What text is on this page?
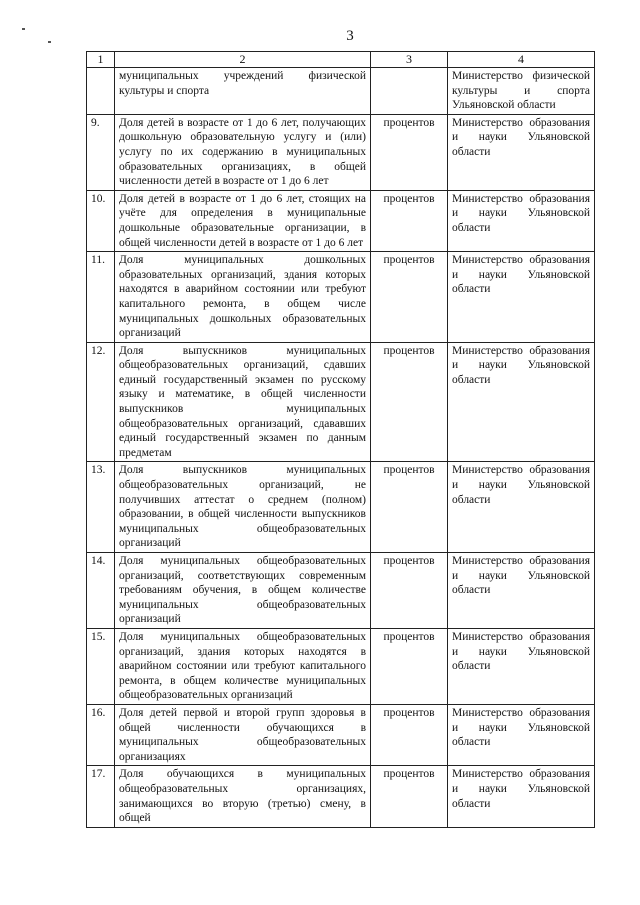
3
1	2	3	4
	муниципальных учреждений физической культуры и спорта		Министерство физической культуры и спорта Ульяновской области
9.	Доля детей в возрасте от 1 до 6 лет, получающих дошкольную образовательную услугу и (или) услугу по их содержанию в муниципальных образовательных организациях, в общей численности детей в возрасте от 1 до 6 лет	процентов	Министерство образования и науки Ульяновской области
10.	Доля детей в возрасте от 1 до 6 лет, стоящих на учёте для определения в муниципальные дошкольные образовательные организации, в общей численности детей в возрасте от 1 до 6 лет	процентов	Министерство образования и науки Ульяновской области
11.	Доля муниципальных дошкольных образовательных организаций, здания которых находятся в аварийном состоянии или требуют капитального ремонта, в общем числе муниципальных дошкольных образовательных организаций	процентов	Министерство образования и науки Ульяновской области
12.	Доля выпускников муниципальных общеобразовательных организаций, сдавших единый государственный экзамен по русскому языку и математике, в общей численности выпускников муниципальных общеобразовательных организаций, сдававших единый государственный экзамен по данным предметам	процентов	Министерство образования и науки Ульяновской области
13.	Доля выпускников муниципальных общеобразовательных организаций, не получивших аттестат о среднем (полном) образовании, в общей численности выпускников муниципальных общеобразовательных организаций	процентов	Министерство образования и науки Ульяновской области
14.	Доля муниципальных общеобразовательных организаций, соответствующих современным требованиям обучения, в общем количестве муниципальных общеобразовательных организаций	процентов	Министерство образования и науки Ульяновской области
15.	Доля муниципальных общеобразовательных организаций, здания которых находятся в аварийном состоянии или требуют капитального ремонта, в общем количестве муниципальных общеобразовательных организаций	процентов	Министерство образования и науки Ульяновской области
16.	Доля детей первой и второй групп здоровья в общей численности обучающихся в муниципальных общеобразовательных организациях	процентов	Министерство образования и науки Ульяновской области
17.	Доля обучающихся в муниципальных общеобразовательных организациях, занимающихся во вторую (третью) смену, в общей	процентов	Министерство образования и науки Ульяновской области
